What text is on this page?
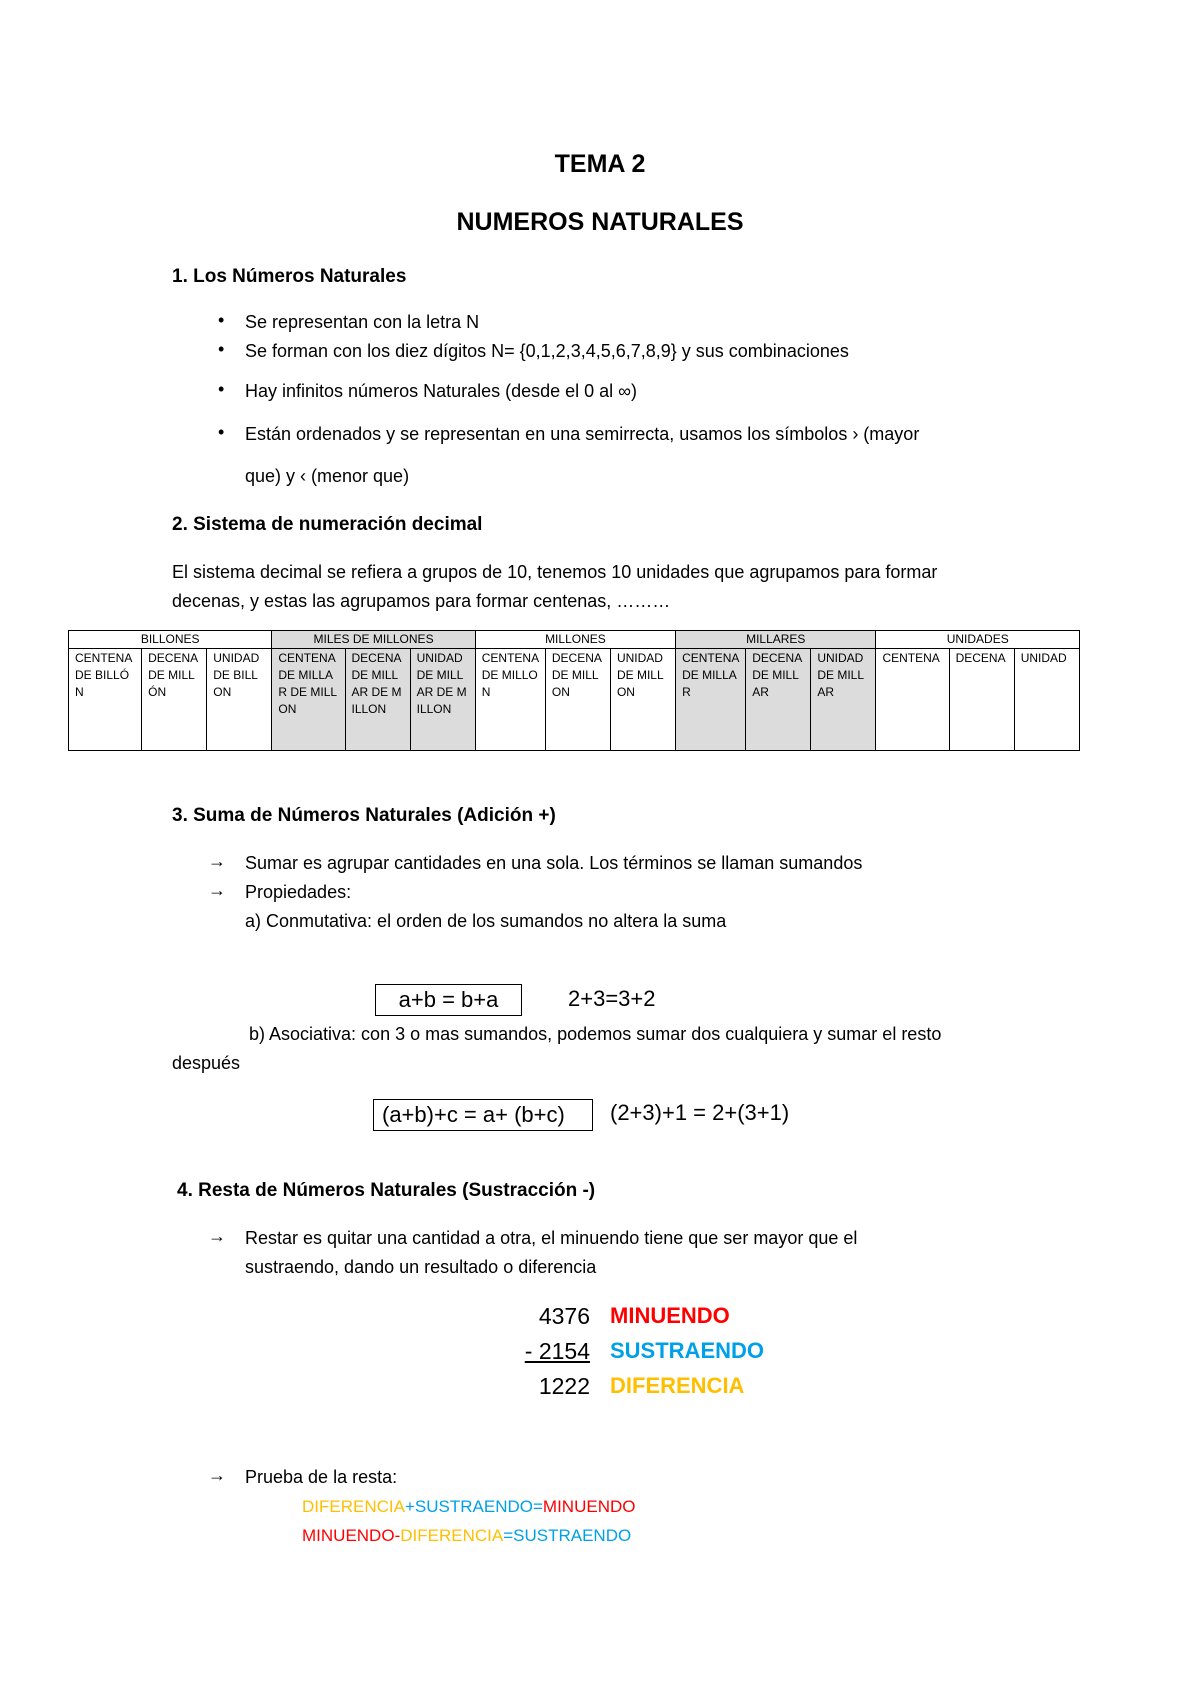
TEMA 2
NUMEROS NATURALES
1. Los Números Naturales
• Se representan con la letra N
• Se forman con los diez dígitos N= {0,1,2,3,4,5,6,7,8,9} y sus combinaciones
• Hay infinitos números Naturales (desde el 0 al ∞)
• Están ordenados y se representan en una semirrecta, usamos los símbolos › (mayor
que) y ‹ (menor que)
2. Sistema de numeración decimal
El sistema decimal se refiera a grupos de 10, tenemos 10 unidades que agrupamos para formar
decenas, y estas las agrupamos para formar centenas, ………
BILLONES			MILES DE MILLONES			MILLONES			MILLARES			UNIDADES		

CENTENA DE BILLÓN	DECENA DE MILLÓN	UNIDAD DE BILLON	CENTENA DE MILLAR DE MILLON	DECENA DE MILLAR DE MILLON	UNIDAD DE MILLAR DE MILLON	CENTENA DE MILLON	DECENA DE MILLON	UNIDAD DE MILLON	CENTENA DE MILLAR	DECENA DE MILLAR	UNIDAD DE MILLAR	CENTENA	DECENA	UNIDAD
3. Suma de Números Naturales (Adición +)
→ Sumar es agrupar cantidades en una sola. Los términos se llaman sumandos
→ Propiedades:
a) Conmutativa: el orden de los sumandos no altera la suma
a+b = b+a	2+3=3+2
b) Asociativa: con 3 o mas sumandos, podemos sumar dos cualquiera y sumar el resto
después
(a+b)+c = a+ (b+c)	(2+3)+1 = 2+(3+1)
4. Resta de Números Naturales (Sustracción -)
→ Restar es quitar una cantidad a otra, el minuendo tiene que ser mayor que el
sustraendo, dando un resultado o diferencia
4376 MINUENDO
- 2154 SUSTRAENDO
1222 DIFERENCIA
→ Prueba de la resta:
DIFERENCIA+SUSTRAENDO=MINUENDO
MINUENDO-DIFERENCIA=SUSTRAENDO
